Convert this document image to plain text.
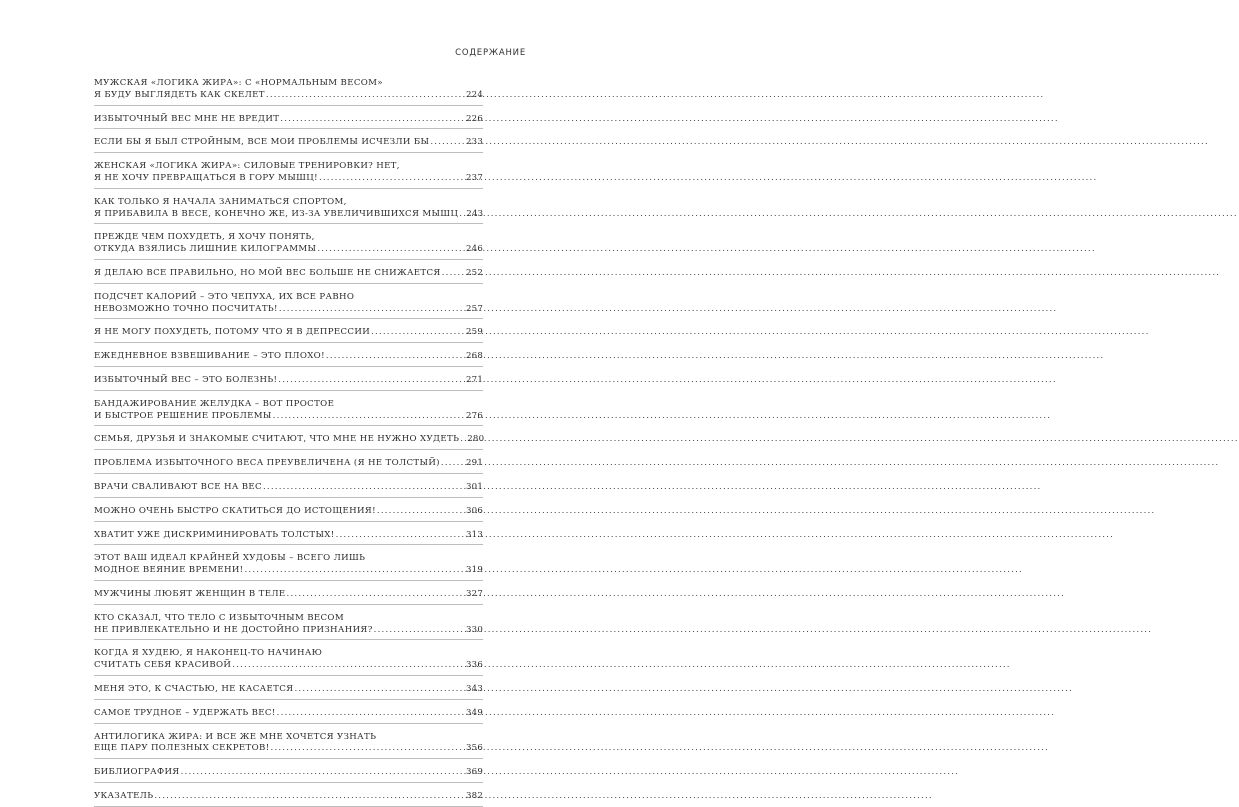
СОДЕРЖАНИЕ
МУЖСКАЯ «ЛОГИКА ЖИРА»: С «НОРМАЛЬНЫМ ВЕСОМ»
Я БУДУ ВЫГЛЯДЕТЬ КАК СКЕЛЕТ .....	224
ИЗБЫТОЧНЫЙ ВЕС МНЕ НЕ ВРЕДИТ .....	226
ЕСЛИ БЫ Я БЫЛ СТРОЙНЫМ, ВСЕ МОИ ПРОБЛЕМЫ ИСЧЕЗЛИ БЫ .....	233
ЖЕНСКАЯ «ЛОГИКА ЖИРА»: СИЛОВЫЕ ТРЕНИРОВКИ? НЕТ,
Я НЕ ХОЧУ ПРЕВРАЩАТЬСЯ В ГОРУ МЫШЦ! .....	237
КАК ТОЛЬКО Я НАЧАЛА ЗАНИМАТЬСЯ СПОРТОМ,
Я ПРИБАВИЛА В ВЕСЕ, КОНЕЧНО ЖЕ, ИЗ-ЗА УВЕЛИЧИВШИХСЯ МЫШЦ ..... 243
ПРЕЖДЕ ЧЕМ ПОХУДЕТЬ, Я ХОЧУ ПОНЯТЬ,
ОТКУДА ВЗЯЛИСЬ ЛИШНИЕ КИЛОГРАММЫ .....	246
Я ДЕЛАЮ ВСЕ ПРАВИЛЬНО, НО МОЙ ВЕС БОЛЬШЕ НЕ СНИЖАЕТСЯ .....	252
ПОДСЧЕТ КАЛОРИЙ – ЭТО ЧЕПУХА, ИХ ВСЕ РАВНО
НЕВОЗМОЖНО ТОЧНО ПОСЧИТАТЬ! .....	257
Я НЕ МОГУ ПОХУДЕТЬ, ПОТОМУ ЧТО Я В ДЕПРЕССИИ .....	259
ЕЖЕДНЕВНОЕ ВЗВЕШИВАНИЕ – ЭТО ПЛОХО! .....	268
ИЗБЫТОЧНЫЙ ВЕС – ЭТО БОЛЕЗНЬ! .....	271
БАНДАЖИРОВАНИЕ ЖЕЛУДКА – ВОТ ПРОСТОЕ
И БЫСТРОЕ РЕШЕНИЕ ПРОБЛЕМЫ .....	276
СЕМЬЯ, ДРУЗЬЯ И ЗНАКОМЫЕ СЧИТАЮТ, ЧТО МНЕ НЕ НУЖНО ХУДЕТЬ ..... 280
ПРОБЛЕМА ИЗБЫТОЧНОГО ВЕСА ПРЕУВЕЛИЧЕНА (Я НЕ ТОЛСТЫЙ) .....	291
ВРАЧИ СВАЛИВАЮТ ВСЕ НА ВЕС .....	301
МОЖНО ОЧЕНЬ БЫСТРО СКАТИТЬСЯ ДО ИСТОЩЕНИЯ! .....	306
ХВАТИТ УЖЕ ДИСКРИМИНИРОВАТЬ ТОЛСТЫХ! .....	313
ЭТОТ ВАШ ИДЕАЛ КРАЙНЕЙ ХУДОБЫ – ВСЕГО ЛИШЬ
МОДНОЕ ВЕЯНИЕ ВРЕМЕНИ! .....	319
МУЖЧИНЫ ЛЮБЯТ ЖЕНЩИН В ТЕЛЕ .....	327
КТО СКАЗАЛ, ЧТО ТЕЛО С ИЗБЫТОЧНЫМ ВЕСОМ
НЕ ПРИВЛЕКАТЕЛЬНО И НЕ ДОСТОЙНО ПРИЗНАНИЯ? .....	330
КОГДА Я ХУДЕЮ, Я НАКОНЕЦ-ТО НАЧИНАЮ
СЧИТАТЬ СЕБЯ КРАСИВОЙ .....	336
МЕНЯ ЭТО, К СЧАСТЬЮ, НЕ КАСАЕТСЯ .....	343
САМОЕ ТРУДНОЕ – УДЕРЖАТЬ ВЕС! .....	349
АНТИЛОГИКА ЖИРА: И ВСЕ ЖЕ МНЕ ХОЧЕТСЯ УЗНАТЬ
ЕЩЕ ПАРУ ПОЛЕЗНЫХ СЕКРЕТОВ! .....	356
БИБЛИОГРАФИЯ .....	369
УКАЗАТЕЛЬ .....	382
